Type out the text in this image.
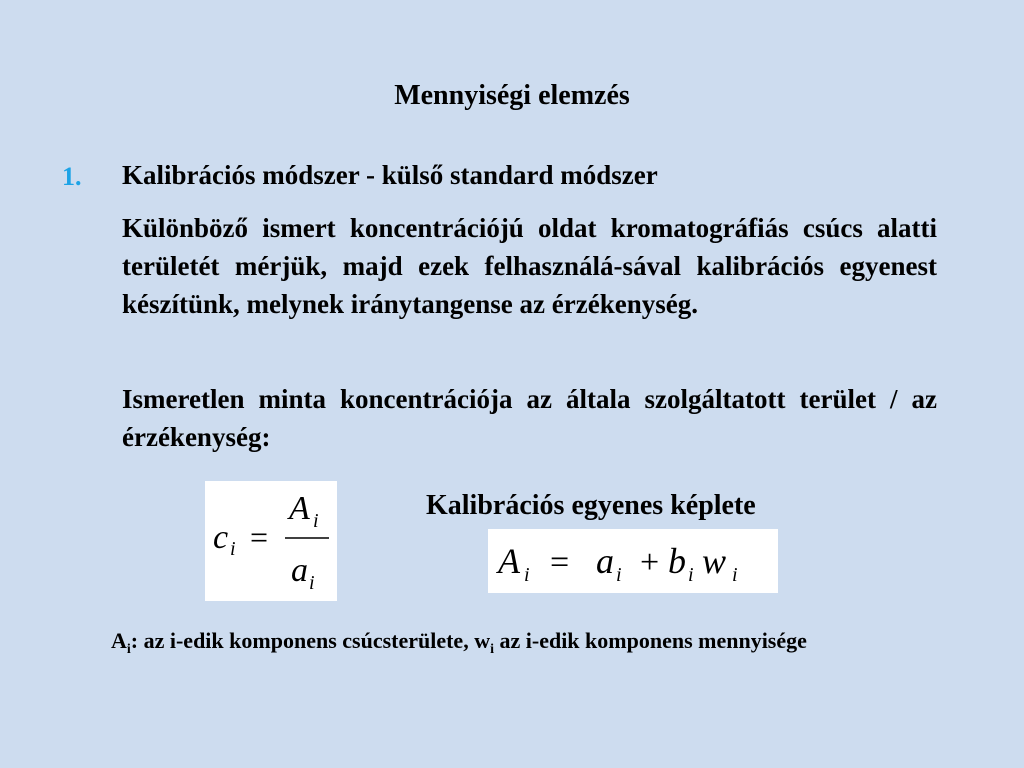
Mennyiségi elemzés
1. Kalibrációs módszer - külső standard módszer
Különböző ismert koncentrációjú oldat kromatográfiás csúcs alatti területét mérjük, majd ezek felhasználá-sával kalibrációs egyenest készítünk, melynek iránytangense az érzékenység.
Ismeretlen minta koncentrációja az általa szolgáltatott terület / az érzékenység:
c i =
A i
a i
Kalibrációs egyenes képlete
A i = a i + b i w i
$A_i$: az i-edik komponens csúcsterülete, $w_i$ az i-edik komponens mennyisége
